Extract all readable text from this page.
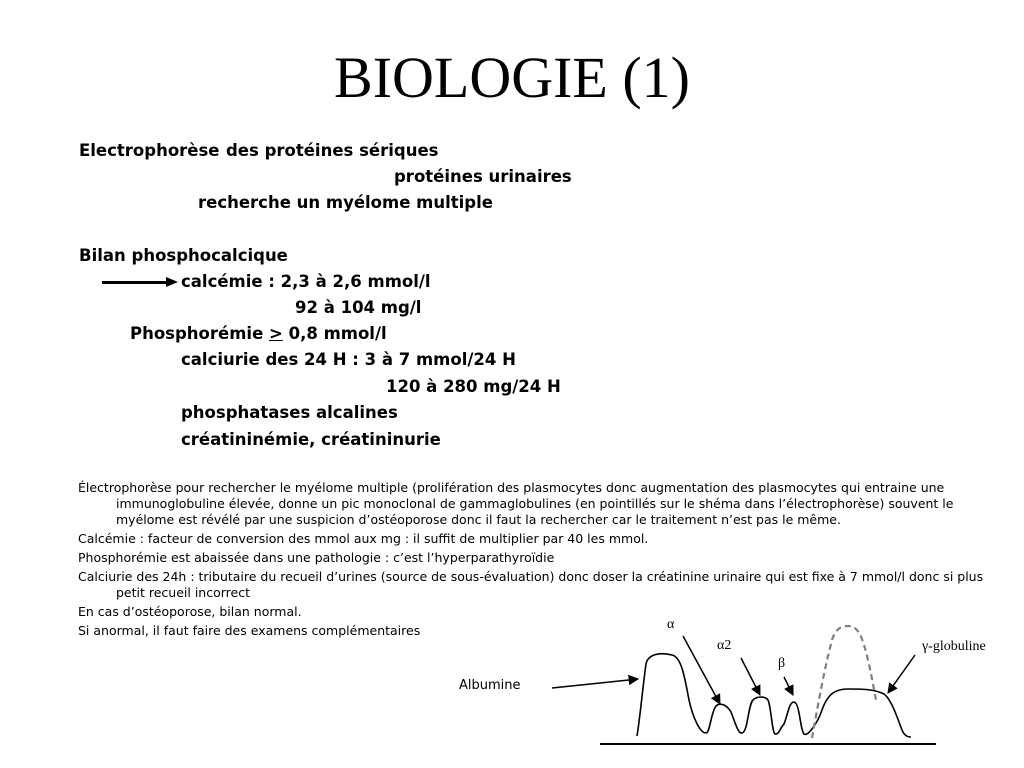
BIOLOGIE (1)
Electrophorèse des protéines sériques
protéines urinaires
recherche un myélome multiple
Bilan phosphocalcique
calcémie : 2,3 à 2,6 mmol/l
92 à 104 mg/l
Phosphorémie ≥ 0,8 mmol/l
calciurie des 24 H : 3 à 7 mmol/24 H
120 à 280 mg/24 H
phosphatases alcalines
créatininémie, créatininurie
Électrophorèse pour rechercher le myélome multiple (prolifération des plasmocytes donc augmentation des plasmocytes qui entraine une immunoglobuline élevée, donne un pic monoclonal de gammaglobulines (en pointillés sur le shéma dans l’électrophorèse) souvent le myélome est révélé par une suspicion d’ostéoporose donc il faut la rechercher car le traitement n’est pas le même.
Calcémie : facteur de conversion des mmol aux mg : il suffit de multiplier par 40 les mmol.
Phosphorémie est abaissée dans une pathologie : c’est l’hyperparathyroïdie
Calciurie des 24h : tributaire du recueil d’urines (source de sous-évaluation) donc doser la créatinine urinaire qui est fixe à 7 mmol/l donc si plus petit recueil incorrect
En cas d’ostéoporose, bilan normal.
Si anormal, il faut faire des examens complémentaires
Albumine
α
α2
β
γ-globuline
